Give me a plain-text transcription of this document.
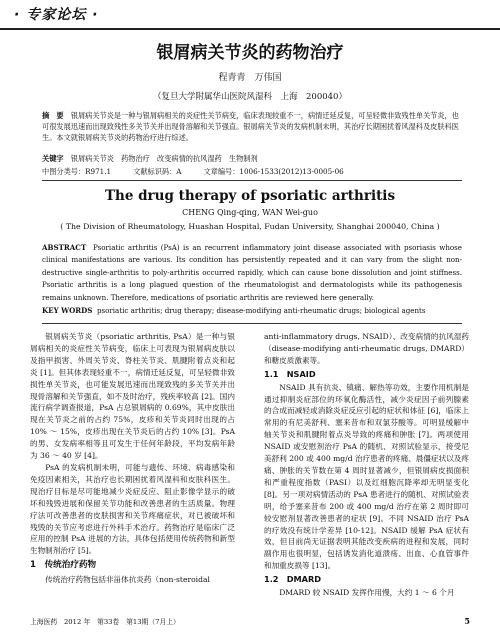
· 专家论坛 ·
银屑病关节炎的药物治疗
程青青　万伟国
（复旦大学附属华山医院风湿科　上海　200040）
摘　要　 银屑病关节炎是一种与银屑病相关的炎症性关节病变，临床表现较重不一，病情迁延反复，可呈轻微非致残性单关节炎，也可很发展迅速而出现致残性多关节关并出现骨溶解和关节强直。银屑病关节炎的发病机制未明，其治疗长期困扰着风湿科及皮肤科医生。本文就银屑病关节炎的药物治疗进行综述。
关键字　 银屑病关节炎　药物治疗　改变病情的抗风湿药　生物制剂
中图分类号：R971.1	文献标识码：A	文章编号：1006-1533(2012)13-0005-06
The drug therapy of psoriatic arthritis
CHENG Qing-qing, WAN Wei-guo
( The Division of Rheumatology, Huashan Hospital, Fudan University, Shanghai 200040, China )
ABSTRACT Psoriatic arthritis (PsA) is an recurrent inflammatory joint disease associated with psoriasis whose clinical manifestations are various. Its condition has persistently repeated and it can vary from the slight non-destructive single-arthritis to poly-arthritis occurred rapidly, which can cause bone dissolution and joint stiffness. Psoriatic arthritis is a long plagued question of the rheumatologist and dermatologists while its pathogenesis remains unknown. Therefore, medications of psoriatic arthritis are reviewed here generally.
KEY WORDS psoriatic arthritis; drug therapy; disease-modifying anti-rheumatic drugs; biological agents

银屑病关节炎（psoriatic arthritis, PsA）是一种与银屑病相关的炎症性关节病变，临床上可表现为银屑病皮肤以及指甲损害、外周关节炎、脊柱关节炎、肌腱附着点炎和起炎 [1]。但其体表现轻重不一，病情迁延反复，可呈轻微非致损性单关节炎，也可能发展迅速而出现致残的多关节关并出现骨溶解和关节强直，如不及时治疗，残疾率较高 [2]。国内流行病学调查报道，PsA 占总银屑病的 0.69%，其中皮肤出现在关节炎之前的占约 75%，皮疹和关节炎同时出现的占 10% ～ 15%，皮疹出现在关节炎后的占约 10% [3]。PsA 的男、女发病率相等且可发生于任何年龄段，平均发病年龄为 36 ～ 40 岁 [4]。

PsA 的发病机制未明，可能与遗传、环境、病毒感染和免疫因素相关，其治疗也长期困扰着风湿科和皮肤科医生。现治疗目标是尽可能地减少炎症反应、阻止影像学显示的破坏和残毁进展和保留关节功能和改善患者的生活质量。物理疗法可改善患者的皮肤损害和关节疼痛症状，对已被破坏和残毁的关节应考虑进行外科手术治疗。药物治疗是临床广泛应用的控制 PsA 进展的方法，具体包括使用传统药物和新型生物制剂治疗 [5]。

1　传统治疗药物

传统治疗药物包括非甾体抗炎药（non-steroidal

anti-inflammatory drugs, NSAID）、改变病情的抗风湿药（disease-modifying anti-rheumatic drugs, DMARD）和糖皮质激素等。

1.1　NSAID

NSAID 具有抗炎、镇痛、解热等功效，主要作用机制是通过抑制炎症部位的环氧化酶活性，减少炎症因子前列腺素的合成而减轻或消除炎症反应引起的症状和体征 [6]，临床上常用的有尼美舒利、塞来昔布和双氯芬酸等。可明显缓解中轴关节炎和肌腱附着点炎导致的疼痛和肿胀 [7]。两项使用 NSAID 或安慰剂治疗 PsA 的随机、对照试验显示，接受尼美舒利 200 或 400 mg/d 治疗患者的疼痛、晨僵症状以及疼痛、肿胀的关节数在第 4 周时显著减少，但银屑病皮损面积和严重程度指数（PASI）以及红细胞沉降率却无明显变化 [8]。另一项对病情活动的 PsA 患者进行的随机、对照试验表明，给予塞来昔布 200 或 400 mg/d 治疗在第 2 周时即可较安慰剂显著改善患者的症状 [9]。不同 NSAID 治疗 PsA 的疗效没有统计学差异 [10-12]。NSAID 缓解 PsA 症状有效，但目前尚无证据表明其能改变疾病的进程和发展，同时副作用也很明显，包括诱发消化道溃疡、出血、心血管事件和加重皮损等 [13]。

1.2　DMARD

DMARD 较 NSAID 发挥作用慢，大约 1 ～ 6 个月

上海医药　2012 年　第33卷　第13期（7月上）	5
